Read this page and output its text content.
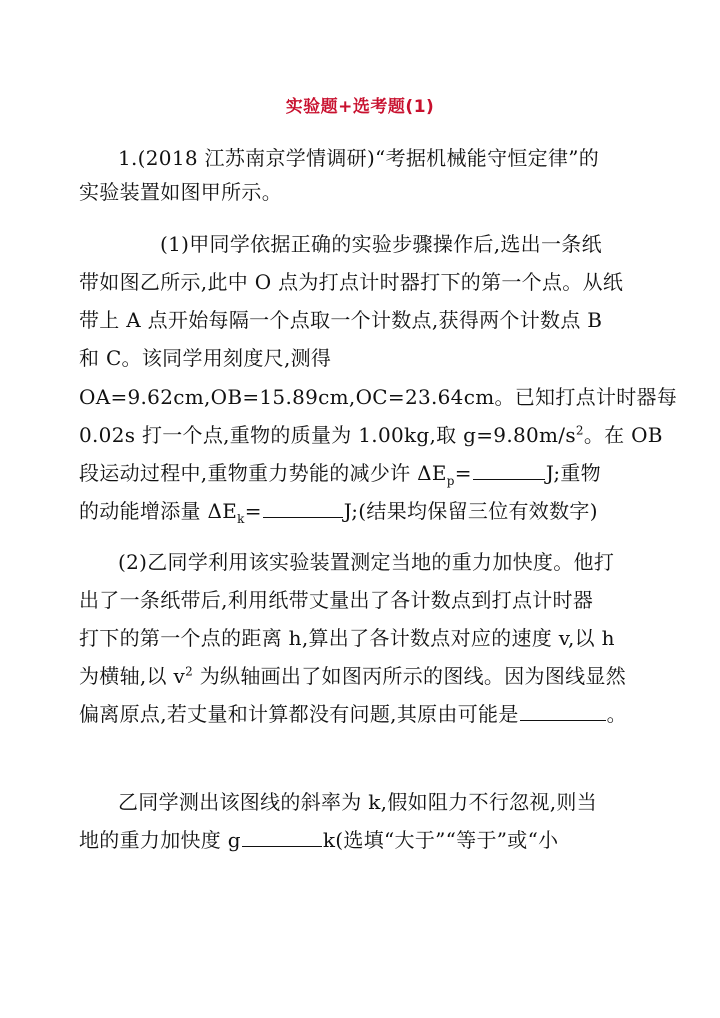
实验题+选考题(1)
1.(2018 江苏南京学情调研)“考据机械能守恒定律”的
实验装置如图甲所示。
(1)甲同学依据正确的实验步骤操作后,选出一条纸
带如图乙所示,此中 O 点为打点计时器打下的第一个点。从纸
带上 A 点开始每隔一个点取一个计数点,获得两个计数点 B
和 C。该同学用刻度尺,测得
OA=9.62cm,OB=15.89cm,OC=23.64cm。已知打点计时器每
0.02s 打一个点,重物的质量为 1.00kg,取 $g=9.80m/s^2$。在 OB
段运动过程中,重物重力势能的减少许 $\Delta E_p=$	J;重物
的动能增添量 $\Delta E_k=$	J;(结果均保留三位有效数字)
(2)乙同学利用该实验装置测定当地的重力加快度。他打
出了一条纸带后,利用纸带丈量出了各计数点到打点计时器
打下的第一个点的距离 h,算出了各计数点对应的速度 v,以 h
为横轴,以 $v^2$ 为纵轴画出了如图丙所示的图线。因为图线显然
偏离原点,若丈量和计算都没有问题,其原由可能是	。
乙同学测出该图线的斜率为 k,假如阻力不行忽视,则当
地的重力加快度 g	k(选填“大于”“等于”或“小
